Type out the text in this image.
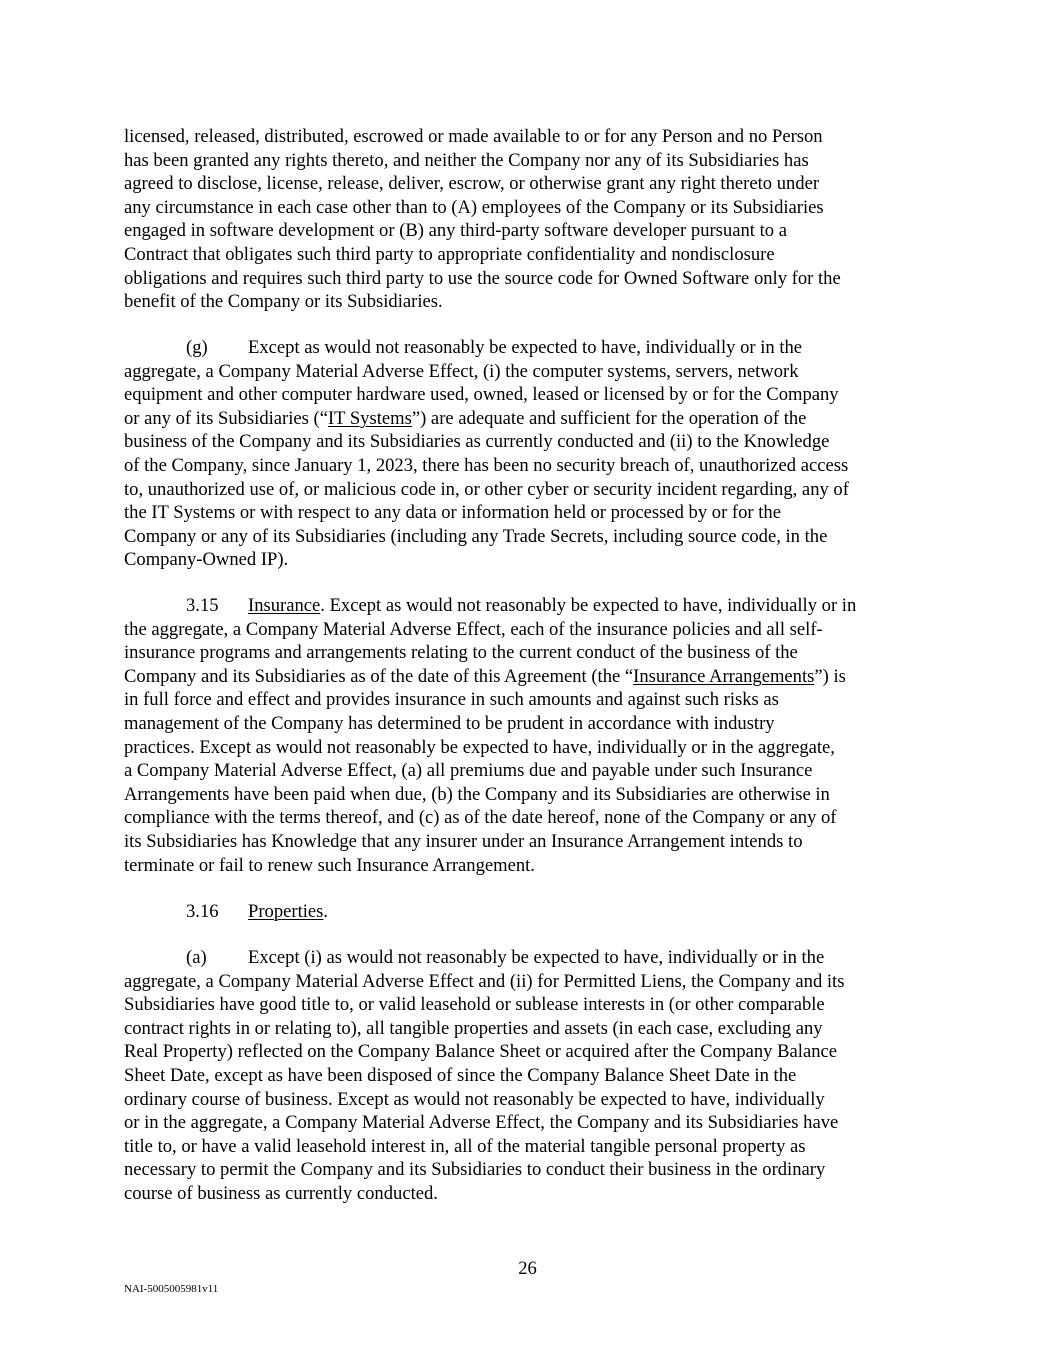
licensed, released, distributed, escrowed or made available to or for any Person and no Person
has been granted any rights thereto, and neither the Company nor any of its Subsidiaries has
agreed to disclose, license, release, deliver, escrow, or otherwise grant any right thereto under
any circumstance in each case other than to (A) employees of the Company or its Subsidiaries
engaged in software development or (B) any third-party software developer pursuant to a
Contract that obligates such third party to appropriate confidentiality and nondisclosure
obligations and requires such third party to use the source code for Owned Software only for the
benefit of the Company or its Subsidiaries.
(g) Except as would not reasonably be expected to have, individually or in the
aggregate, a Company Material Adverse Effect, (i) the computer systems, servers, network
equipment and other computer hardware used, owned, leased or licensed by or for the Company
or any of its Subsidiaries (“IT Systems”) are adequate and sufficient for the operation of the
business of the Company and its Subsidiaries as currently conducted and (ii) to the Knowledge
of the Company, since January 1, 2023, there has been no security breach of, unauthorized access
to, unauthorized use of, or malicious code in, or other cyber or security incident regarding, any of
the IT Systems or with respect to any data or information held or processed by or for the
Company or any of its Subsidiaries (including any Trade Secrets, including source code, in the
Company-Owned IP).
3.15 Insurance. Except as would not reasonably be expected to have, individually or in
the aggregate, a Company Material Adverse Effect, each of the insurance policies and all self-
insurance programs and arrangements relating to the current conduct of the business of the
Company and its Subsidiaries as of the date of this Agreement (the “Insurance Arrangements”) is
in full force and effect and provides insurance in such amounts and against such risks as
management of the Company has determined to be prudent in accordance with industry
practices. Except as would not reasonably be expected to have, individually or in the aggregate,
a Company Material Adverse Effect, (a) all premiums due and payable under such Insurance
Arrangements have been paid when due, (b) the Company and its Subsidiaries are otherwise in
compliance with the terms thereof, and (c) as of the date hereof, none of the Company or any of
its Subsidiaries has Knowledge that any insurer under an Insurance Arrangement intends to
terminate or fail to renew such Insurance Arrangement.
3.16 Properties.
(a) Except (i) as would not reasonably be expected to have, individually or in the
aggregate, a Company Material Adverse Effect and (ii) for Permitted Liens, the Company and its
Subsidiaries have good title to, or valid leasehold or sublease interests in (or other comparable
contract rights in or relating to), all tangible properties and assets (in each case, excluding any
Real Property) reflected on the Company Balance Sheet or acquired after the Company Balance
Sheet Date, except as have been disposed of since the Company Balance Sheet Date in the
ordinary course of business. Except as would not reasonably be expected to have, individually
or in the aggregate, a Company Material Adverse Effect, the Company and its Subsidiaries have
title to, or have a valid leasehold interest in, all of the material tangible personal property as
necessary to permit the Company and its Subsidiaries to conduct their business in the ordinary
course of business as currently conducted.
26
NAI-5005005981v11
